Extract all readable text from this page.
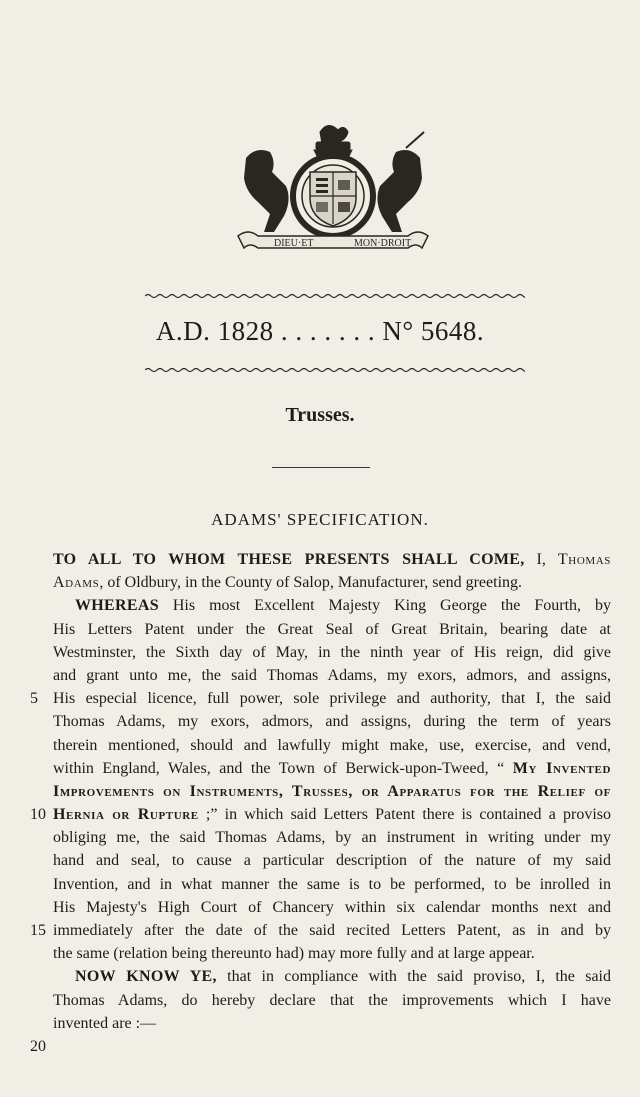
DIEU·ET	MON·DROIT
A.D. 1828 . . . . . . . N° 5648.
Trusses.
ADAMS' SPECIFICATION.
5
10
15
20
TO ALL TO WHOM THESE PRESENTS SHALL COME, I, Thomas
Adams, of Oldbury, in the County of Salop, Manufacturer, send greeting.
WHEREAS His most Excellent Majesty King George the Fourth, by
His Letters Patent under the Great Seal of Great Britain, bearing date at
Westminster, the Sixth day of May, in the ninth year of His reign, did give
and grant unto me, the said Thomas Adams, my exors, admors, and assigns,
His especial licence, full power, sole privilege and authority, that I, the said
Thomas Adams, my exors, admors, and assigns, during the term of years
therein mentioned, should and lawfully might make, use, exercise, and vend,
within England, Wales, and the Town of Berwick-upon-Tweed, “ My Invented
Improvements on Instruments, Trusses, or Apparatus for the Relief of
Hernia or Rupture ;” in which said Letters Patent there is contained a proviso
obliging me, the said Thomas Adams, by an instrument in writing under my
hand and seal, to cause a particular description of the nature of my said
Invention, and in what manner the same is to be performed, to be inrolled in
His Majesty's High Court of Chancery within six calendar months next and
immediately after the date of the said recited Letters Patent, as in and by
the same (relation being thereunto had) may more fully and at large appear.
NOW KNOW YE, that in compliance with the said proviso, I, the said
Thomas Adams, do hereby declare that the improvements which I have
invented are :—
